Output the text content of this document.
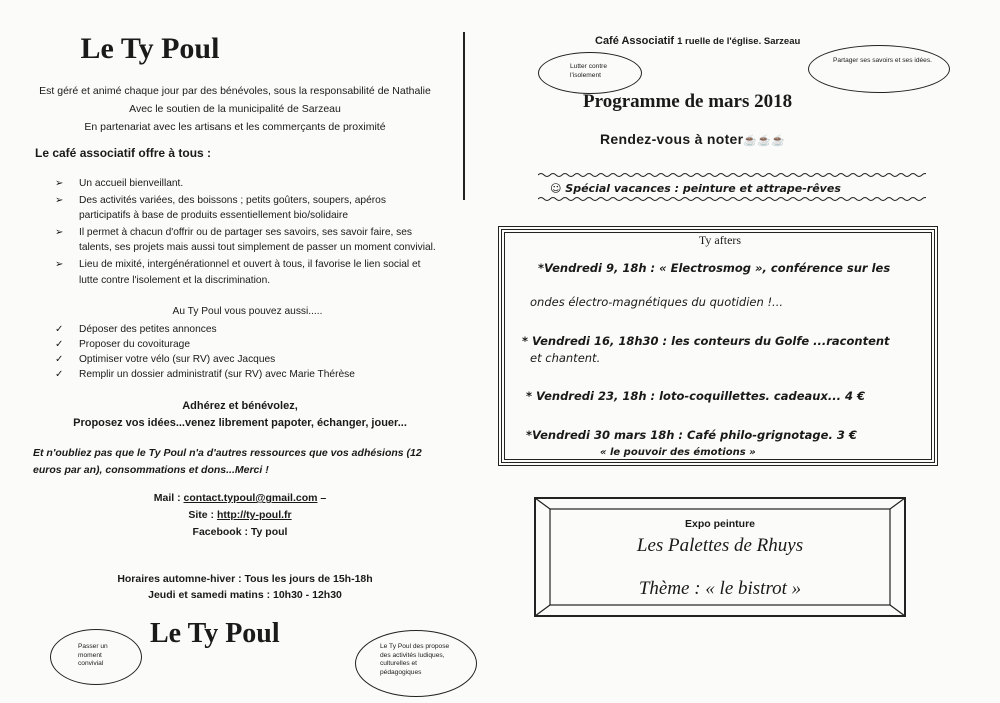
Le Ty Poul
Est géré et animé chaque jour par des bénévoles, sous la responsabilité de Nathalie
Avec le soutien de la municipalité de Sarzeau
En partenariat avec les artisans et les commerçants de proximité
Le café associatif offre à tous :
➢ Un accueil bienveillant.
➢ Des activités variées, des boissons ; petits goûters, soupers, apéros participatifs à base de produits essentiellement bio/solidaire
➢ Il permet à chacun d'offrir ou de partager ses savoirs, ses savoir faire, ses talents, ses projets mais aussi tout simplement de passer un moment convivial.
➢ Lieu de mixité, intergénérationnel et ouvert à tous, il favorise le lien social et lutte contre l'isolement et la discrimination.
Au Ty Poul vous pouvez aussi.....
✓ Déposer des petites annonces
✓ Proposer du covoiturage
✓ Optimiser votre vélo (sur RV) avec Jacques
✓ Remplir un dossier administratif (sur RV) avec Marie Thérèse
Adhérez et bénévolez,
Proposez vos idées...venez librement papoter, échanger, jouer...
Et n'oubliez pas que le Ty Poul n'a d'autres ressources que vos adhésions (12 euros par an), consommations et dons...Merci !
Mail : contact.typoul@gmail.com –
Site : http://ty-poul.fr
Facebook : Ty poul
Horaires automne-hiver : Tous les jours de 15h-18h
Jeudi et samedi matins : 10h30 - 12h30
Passer un moment convivial
Le Ty Poul	Le Ty Poul des propose des activités ludiques, culturelles et pédagogiques
Café Associatif 1 ruelle de l'église. Sarzeau
Lutter contre l'isolement
Partager ses savoirs et ses idées.
Programme de mars 2018
Rendez-vous à noter☕☕☕
☺ Spécial vacances : peinture et attrape-rêves
Ty afters
*Vendredi 9, 18h : « Electrosmog », conférence sur les
ondes électro-magnétiques du quotidien !...
* Vendredi 16, 18h30 : les conteurs du Golfe ...racontent
et chantent.
* Vendredi 23, 18h : loto-coquillettes. cadeaux... 4 €
*Vendredi 30 mars 18h : Café philo-grignotage. 3 €
« le pouvoir des émotions »
Expo peinture
Les Palettes de Rhuys
Thème : « le bistrot »
